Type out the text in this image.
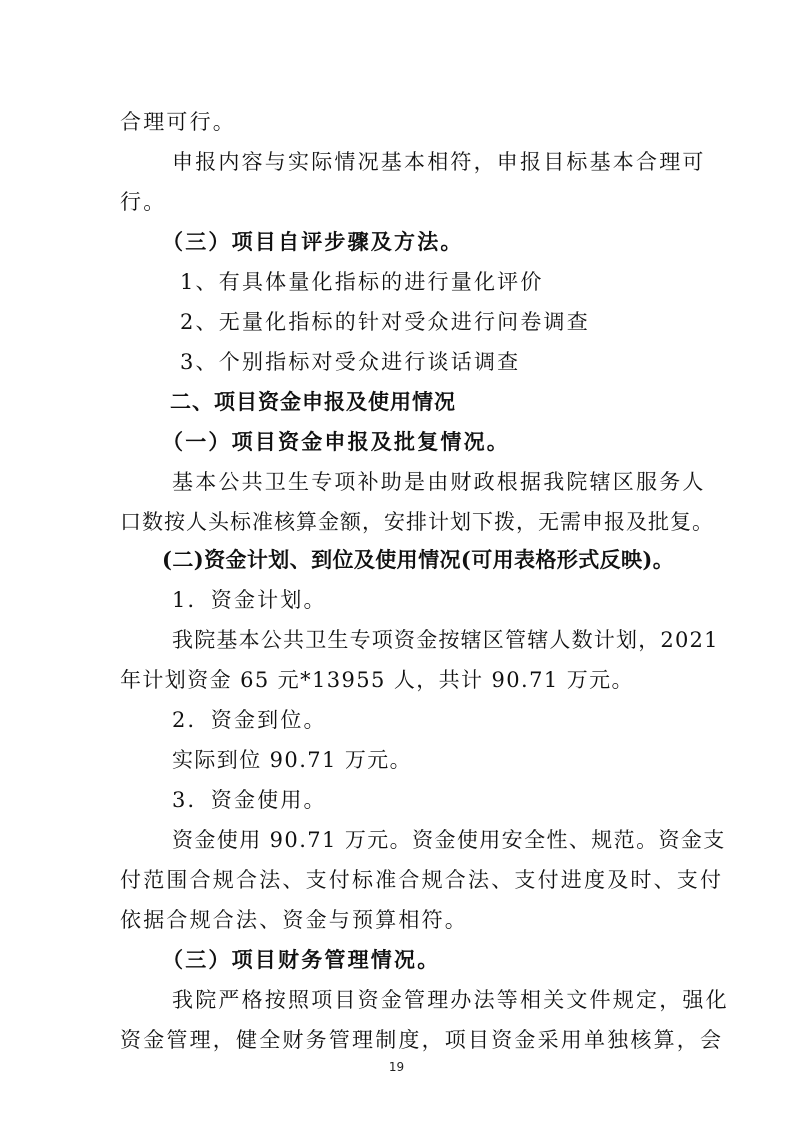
合理可行。
申报内容与实际情况基本相符，申报目标基本合理可
行。
（三）项目自评步骤及方法。
1、有具体量化指标的进行量化评价
2、无量化指标的针对受众进行问卷调查
3、个别指标对受众进行谈话调查
二、项目资金申报及使用情况
（一）项目资金申报及批复情况。
基本公共卫生专项补助是由财政根据我院辖区服务人
口数按人头标准核算金额，安排计划下拨，无需申报及批复。
(二)资金计划、到位及使用情况(可用表格形式反映)。
1．资金计划。
我院基本公共卫生专项资金按辖区管辖人数计划，2021
年计划资金 65 元*13955 人，共计 90.71 万元。
2．资金到位。
实际到位 90.71 万元。
3．资金使用。
资金使用 90.71 万元。资金使用安全性、规范。资金支
付范围合规合法、支付标准合规合法、支付进度及时、支付
依据合规合法、资金与预算相符。
（三）项目财务管理情况。
我院严格按照项目资金管理办法等相关文件规定，强化
资金管理，健全财务管理制度，项目资金采用单独核算，会
19
